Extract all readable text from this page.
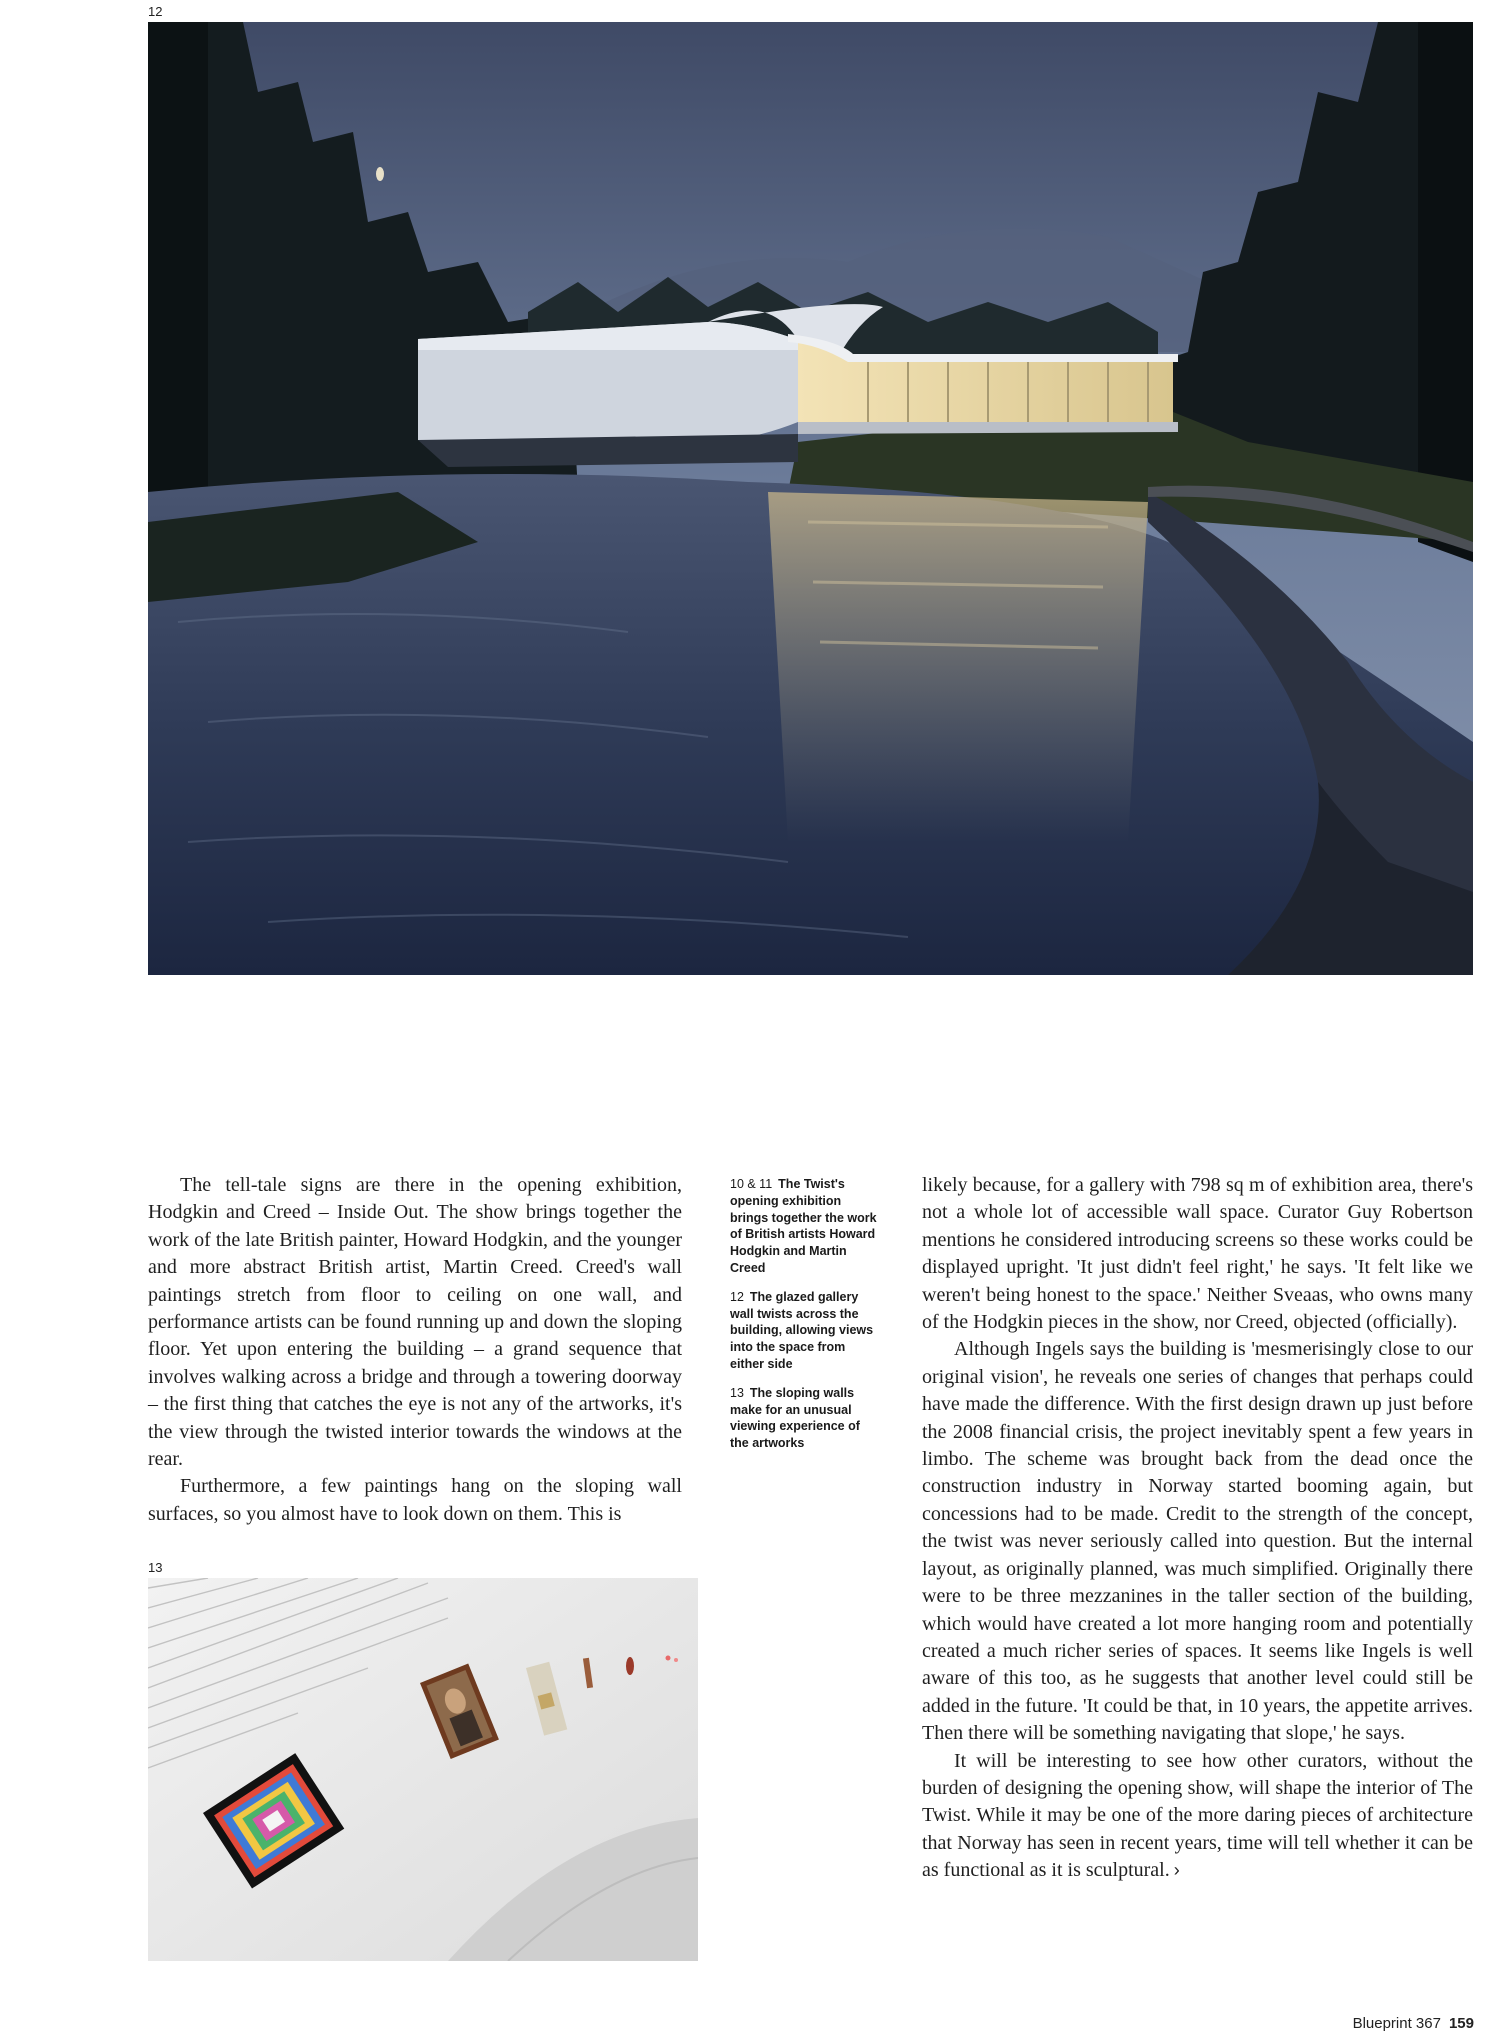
12
13

The tell-tale signs are there in the opening exhibition, Hodgkin and Creed – Inside Out. The show brings together the work of the late British painter, Howard Hodgkin, and the younger and more abstract British artist, Martin Creed. Creed's wall paintings stretch from floor to ceiling on one wall, and performance artists can be found running up and down the sloping floor. Yet upon entering the building – a grand sequence that involves walking across a bridge and through a towering doorway – the first thing that catches the eye is not any of the artworks, it's the view through the twisted interior towards the windows at the rear.

Furthermore, a few paintings hang on the sloping wall surfaces, so you almost have to look down on them. This is

10 & 11 The Twist's opening exhibition brings together the work of British artists Howard Hodgkin and Martin Creed

12 The glazed gallery wall twists across the building, allowing views into the space from either side

13 The sloping walls make for an unusual viewing experience of the artworks

likely because, for a gallery with 798 sq m of exhibition area, there's not a whole lot of accessible wall space. Curator Guy Robertson mentions he considered introducing screens so these works could be displayed upright. 'It just didn't feel right,' he says. 'It felt like we weren't being honest to the space.' Neither Sveaas, who owns many of the Hodgkin pieces in the show, nor Creed, objected (officially).

Although Ingels says the building is 'mesmerisingly close to our original vision', he reveals one series of changes that perhaps could have made the difference. With the first design drawn up just before the 2008 financial crisis, the project inevitably spent a few years in limbo. The scheme was brought back from the dead once the construction industry in Norway started booming again, but concessions had to be made. Credit to the strength of the concept, the twist was never seriously called into question. But the internal layout, as originally planned, was much simplified. Originally there were to be three mezzanines in the taller section of the building, which would have created a lot more hanging room and potentially created a much richer series of spaces. It seems like Ingels is well aware of this too, as he suggests that another level could still be added in the future. 'It could be that, in 10 years, the appetite arrives. Then there will be something navigating that slope,' he says.

It will be interesting to see how other curators, without the burden of designing the opening show, will shape the interior of The Twist. While it may be one of the more daring pieces of architecture that Norway has seen in recent years, time will tell whether it can be as functional as it is sculptural. ›

Blueprint 367 159
